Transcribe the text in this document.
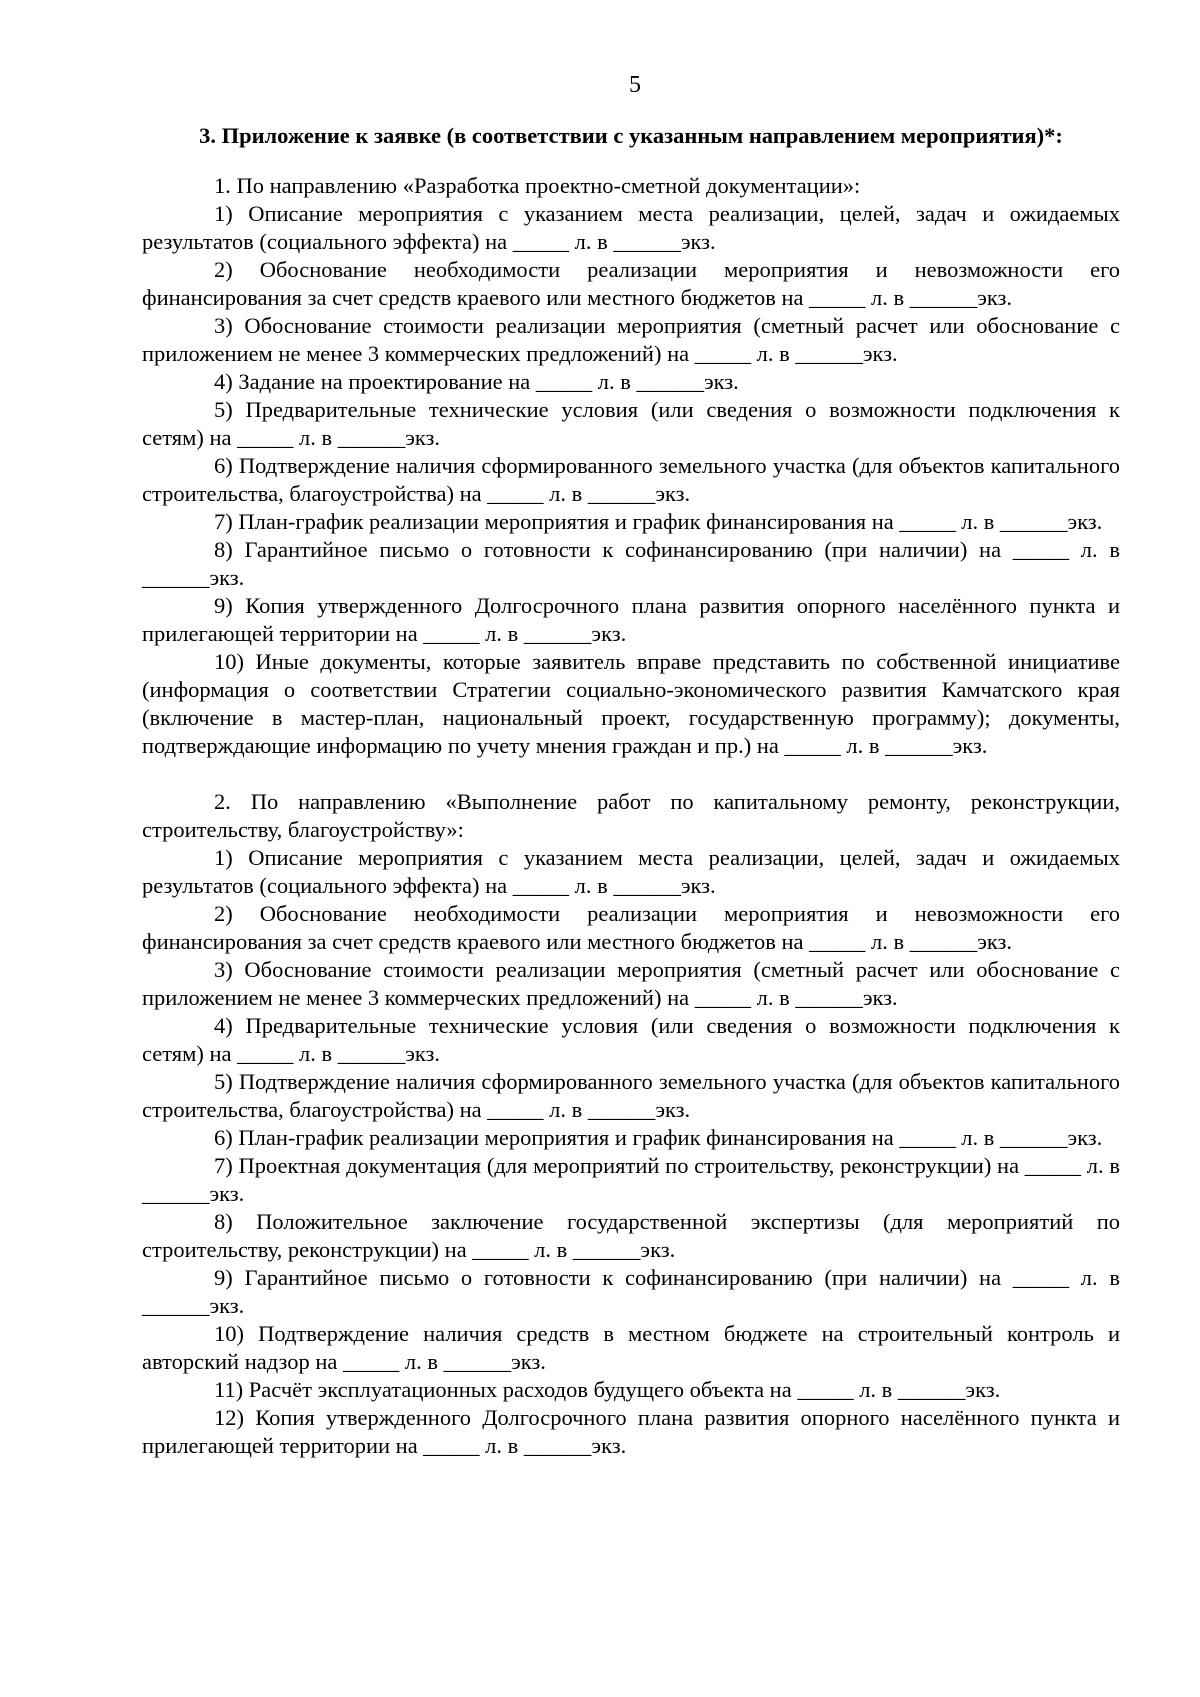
5
3. Приложение к заявке (в соответствии с указанным направлением мероприятия)*:

1. По направлению «Разработка проектно-сметной документации»:

1) Описание мероприятия с указанием места реализации, целей, задач и ожидаемых результатов (социального эффекта) на _____ л. в ______экз.

2) Обоснование необходимости реализации мероприятия и невозможности его финансирования за счет средств краевого или местного бюджетов на _____ л. в ______экз.

3) Обоснование стоимости реализации мероприятия (сметный расчет или обоснование с приложением не менее 3 коммерческих предложений) на _____ л. в ______экз.

4) Задание на проектирование на _____ л. в ______экз.

5) Предварительные технические условия (или сведения о возможности подключения к сетям) на _____ л. в ______экз.

6) Подтверждение наличия сформированного земельного участка (для объектов капитального строительства, благоустройства) на _____ л. в ______экз.

7) План-график реализации мероприятия и график финансирования на _____ л. в ______экз.

8) Гарантийное письмо о готовности к софинансированию (при наличии) на _____ л. в ______экз.

9) Копия утвержденного Долгосрочного плана развития опорного населённого пункта и прилегающей территории на _____ л. в ______экз.

10) Иные документы, которые заявитель вправе представить по собственной инициативе (информация о соответствии Стратегии социально-экономического развития Камчатского края (включение в мастер-план, национальный проект, государственную программу); документы, подтверждающие информацию по учету мнения граждан и пр.) на _____ л. в ______экз.

2. По направлению «Выполнение работ по капитальному ремонту, реконструкции, строительству, благоустройству»:

1) Описание мероприятия с указанием места реализации, целей, задач и ожидаемых результатов (социального эффекта) на _____ л. в ______экз.

2) Обоснование необходимости реализации мероприятия и невозможности его финансирования за счет средств краевого или местного бюджетов на _____ л. в ______экз.

3) Обоснование стоимости реализации мероприятия (сметный расчет или обоснование с приложением не менее 3 коммерческих предложений) на _____ л. в ______экз.

4) Предварительные технические условия (или сведения о возможности подключения к сетям) на _____ л. в ______экз.

5) Подтверждение наличия сформированного земельного участка (для объектов капитального строительства, благоустройства) на _____ л. в ______экз.

6) План-график реализации мероприятия и график финансирования на _____ л. в ______экз.

7) Проектная документация (для мероприятий по строительству, реконструкции) на _____ л. в ______экз.

8) Положительное заключение государственной экспертизы (для мероприятий по строительству, реконструкции) на _____ л. в ______экз.

9) Гарантийное письмо о готовности к софинансированию (при наличии) на _____ л. в ______экз.

10) Подтверждение наличия средств в местном бюджете на строительный контроль и авторский надзор на _____ л. в ______экз.

11) Расчёт эксплуатационных расходов будущего объекта на _____ л. в ______экз.

12) Копия утвержденного Долгосрочного плана развития опорного населённого пункта и прилегающей территории на _____ л. в ______экз.
